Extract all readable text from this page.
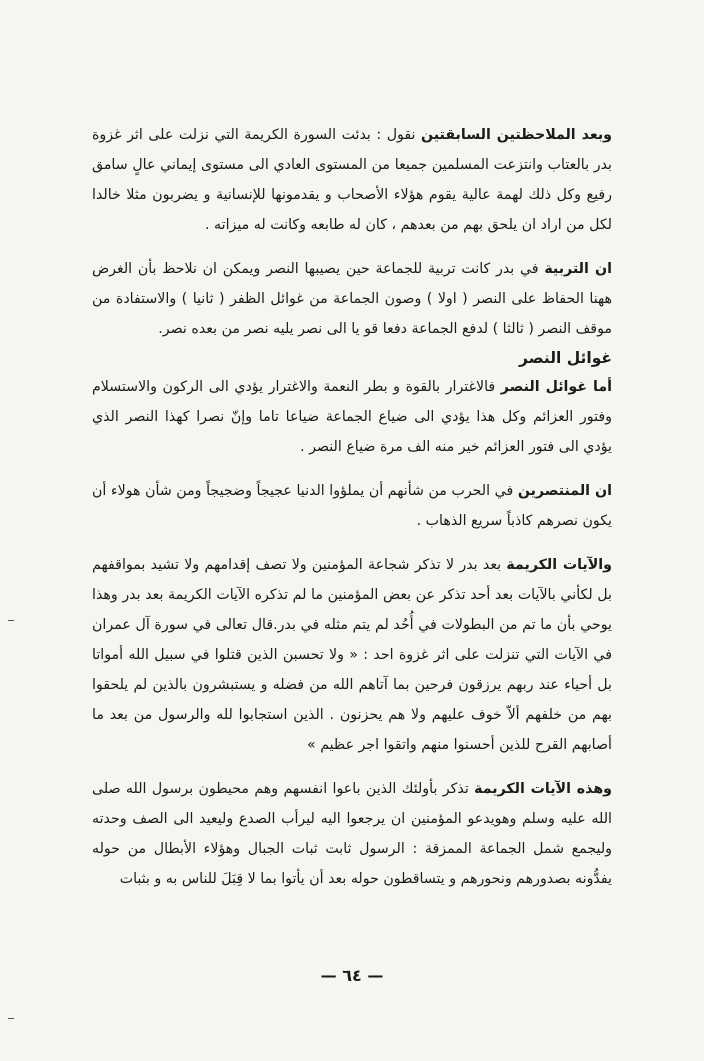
وبعد الملاحظتين السابقتين نقول : بدئت السورة الكريمة التي نزلت على اثر غزوة بدر بالعتاب وانتزعت المسلمين جميعا من المستوى العادي الى مستوى إيماني عالٍ سامق رفيع وكل ذلك لهمة عالية يقوم هؤلاء الأصحاب و يقدمونها للإنسانية و يضربون مثلا خالدا لكل من اراد ان يلحق بهم من بعدهم ، كان له طابعه وكانت له ميزاته .

ان التربية في بدر كانت تربية للجماعة حين يصيبها النصر ويمكن ان نلاحظ بأن الغرض ههنا الحفاظ على النصر ( اولا ) وصون الجماعة من غوائل الظفر ( ثانيا ) والاستفادة من موقف النصر ( ثالثا ) لدفع الجماعة دفعا قو يا الى نصر يليه نصر من بعده نصر.

غوائل النصر

أما غوائل النصر فالاغترار بالقوة و بطر النعمة والاغترار يؤدي الى الركون والاستسلام وفتور العزائم وكل هذا يؤدي الى ضياع الجماعة ضياعا تاما وإنّ نصرا كهذا النصر الذي يؤدي الى فتور العزائم خير منه الف مرة ضياع النصر .

ان المنتصرين في الحرب من شأنهم أن يملؤوا الدنيا عجيجاً وضجيجاً ومن شأن هولاء أن يكون نصرهم كاذباً سريع الذهاب .

والآيات الكريمة بعد بدر لا تذكر شجاعة المؤمنين ولا تصف إقدامهم ولا تشيد بمواقفهم بل لكأني بالآيات بعد أحد تذكر عن بعض المؤمنين ما لم تذكره الآيات الكريمة بعد بدر وهذا يوحي بأن ما تم من البطولات في أُحُد لم يتم مثله في بدر.قال تعالى في سورة آل عمران في الآيات التي تنزلت على اثر غزوة احد : « ولا تحسبن الذين قتلوا في سبيل الله أمواتا بل أحياء عند ربهم يرزقون فرحين بما آتاهم الله من فضله و يستبشرون بالذين لم يلحقوا بهم من خلفهم ألاّ خوف عليهم ولا هم يحزنون . الذين استجابوا لله والرسول من بعد ما أصابهم القرح للذين أحسنوا منهم واتقوا اجر عظيم »

وهذه الآيات الكريمة تذكر بأولئك الذين باعوا انفسهم وهم محيطون برسول الله صلى الله عليه وسلم وهويدعو المؤمنين ان يرجعوا اليه ليرأب الصدع وليعيد الى الصف وحدته وليجمع شمل الجماعة الممزقة : الرسول ثابت ثبات الجبال وهؤلاء الأبطال من حوله يفدُّونه بصدورهم ونحورهم و يتساقطون حوله بعد أن يأتوا بما لا قِبَلَ للناس به و بثبات

— ٦٤ —
